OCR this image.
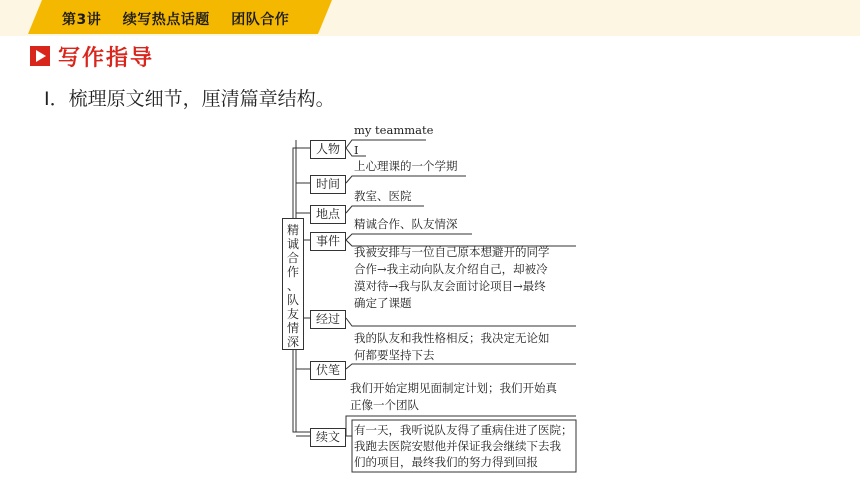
第3讲 续写热点话题 团队合作
写作指导
Ⅰ．梳理原文细节，厘清篇章结构。
精
诚
合
作
、
队
友
情
深
人物
my teammate
I
时间
上心理课的一个学期
地点
教室、医院
事件
精诚合作、队友情深
经过
我被安排与一位自己原本想避开的同学
合作→我主动向队友介绍自己，却被冷
漠对待→我与队友会面讨论项目→最终
确定了课题
伏笔
我的队友和我性格相反；我决定无论如
何都要坚持下去
续文
我们开始定期见面制定计划；我们开始真
正像一个团队
有一天，我听说队友得了重病住进了医院；
我跑去医院安慰他并保证我会继续下去我
们的项目，最终我们的努力得到回报
